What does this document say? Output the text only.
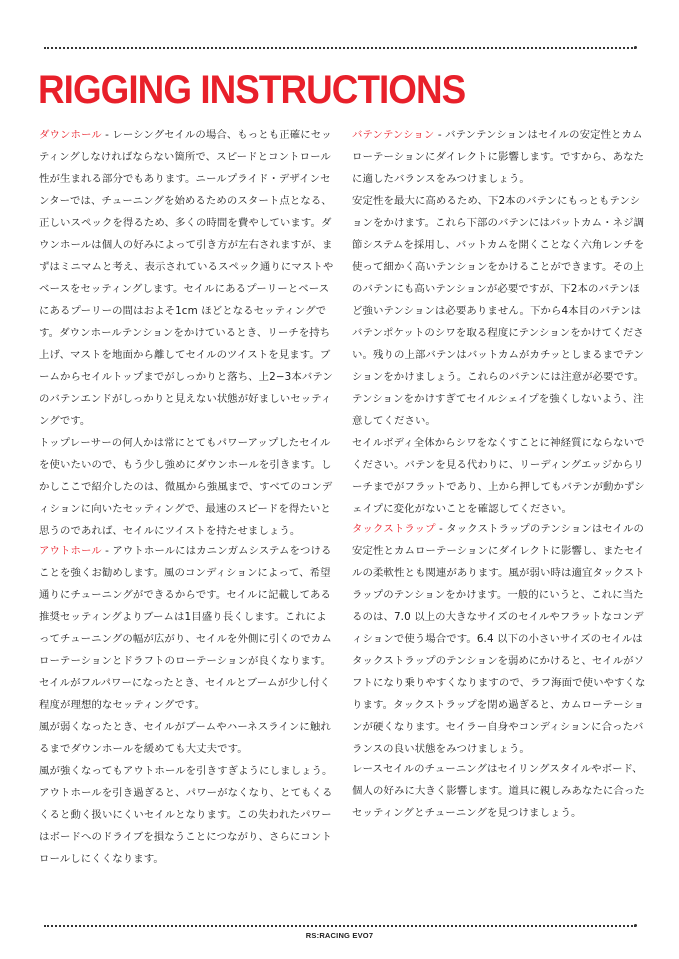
RIGGING INSTRUCTIONS

ダウンホール - レーシングセイルの場合、もっとも正確にセッティングしなければならない箇所で、スピードとコントロール性が生まれる部分でもあります。ニールプライド・デザインセンターでは、チューニングを始めるためのスタート点となる、正しいスペックを得るため、多くの時間を費やしています。ダウンホールは個人の好みによって引き方が左右されますが、まずはミニマムと考え、表示されているスペック通りにマストやベースをセッティングします。セイルにあるプーリーとベースにあるプーリーの間はおよそ1cm ほどとなるセッティングです。ダウンホールテンションをかけているとき、リーチを持ち上げ、マストを地面から離してセイルのツイストを見ます。ブームからセイルトップまでがしっかりと落ち、上2−3本バテンのバテンエンドがしっかりと見えない状態が好ましいセッティングです。

トップレーサーの何人かは常にとてもパワーアップしたセイルを使いたいので、もう少し強めにダウンホールを引きます。しかしここで紹介したのは、微風から強風まで、すべてのコンディションに向いたセッティングで、最速のスピードを得たいと思うのであれば、セイルにツイストを持たせましょう。

アウトホール - アウトホールにはカニンガムシステムをつけることを強くお勧めします。風のコンディションによって、希望通りにチューニングができるからです。セイルに記載してある推奨セッティングよりブームは1目盛り長くします。これによってチューニングの幅が広がり、セイルを外側に引くのでカムローテーションとドラフトのローテーションが良くなります。セイルがフルパワーになったとき、セイルとブームが少し付く程度が理想的なセッティングです。

風が弱くなったとき、セイルがブームやハーネスラインに触れるまでダウンホールを緩めても大丈夫です。

風が強くなってもアウトホールを引きすぎようにしましょう。アウトホールを引き過ぎると、パワーがなくなり、とてもくるくると動く扱いにくいセイルとなります。この失われたパワーはボードへのドライブを損なうことにつながり、さらにコントロールしにくくなります。

バテンテンション - バテンテンションはセイルの安定性とカムローテーションにダイレクトに影響します。ですから、あなたに適したバランスをみつけましょう。

安定性を最大に高めるため、下2本のバテンにもっともテンションをかけます。これら下部のバテンにはバットカム・ネジ調節システムを採用し、バットカムを開くことなく六角レンチを使って細かく高いテンションをかけることができます。その上のバテンにも高いテンションが必要ですが、下2本のバテンほど強いテンションは必要ありません。下から4本目のバテンはバテンポケットのシワを取る程度にテンションをかけてください。残りの上部バテンはバットカムがカチッとしまるまでテンションをかけましょう。これらのバテンには注意が必要です。テンションをかけすぎてセイルシェイプを強くしないよう、注意してください。

セイルボディ全体からシワをなくすことに神経質にならないでください。バテンを見る代わりに、リーディングエッジからリーチまでがフラットであり、上から押してもバテンが動かずシェイプに変化がないことを確認してください。

タックストラップ - タックストラップのテンションはセイルの安定性とカムローテーションにダイレクトに影響し、またセイルの柔軟性とも関連があります。風が弱い時は適宜タックストラップのテンションをかけます。一般的にいうと、これに当たるのは、7.0 以上の大きなサイズのセイルやフラットなコンディションで使う場合です。6.4 以下の小さいサイズのセイルはタックストラップのテンションを弱めにかけると、セイルがソフトになり乗りやすくなりますので、ラフ海面で使いやすくなります。タックストラップを閉め過ぎると、カムローテーションが硬くなります。セイラー自身やコンディションに合ったバランスの良い状態をみつけましょう。

レースセイルのチューニングはセイリングスタイルやボード、個人の好みに大きく影響します。道具に親しみあなたに合ったセッティングとチューニングを見つけましょう。

RS:RACING EVO7
